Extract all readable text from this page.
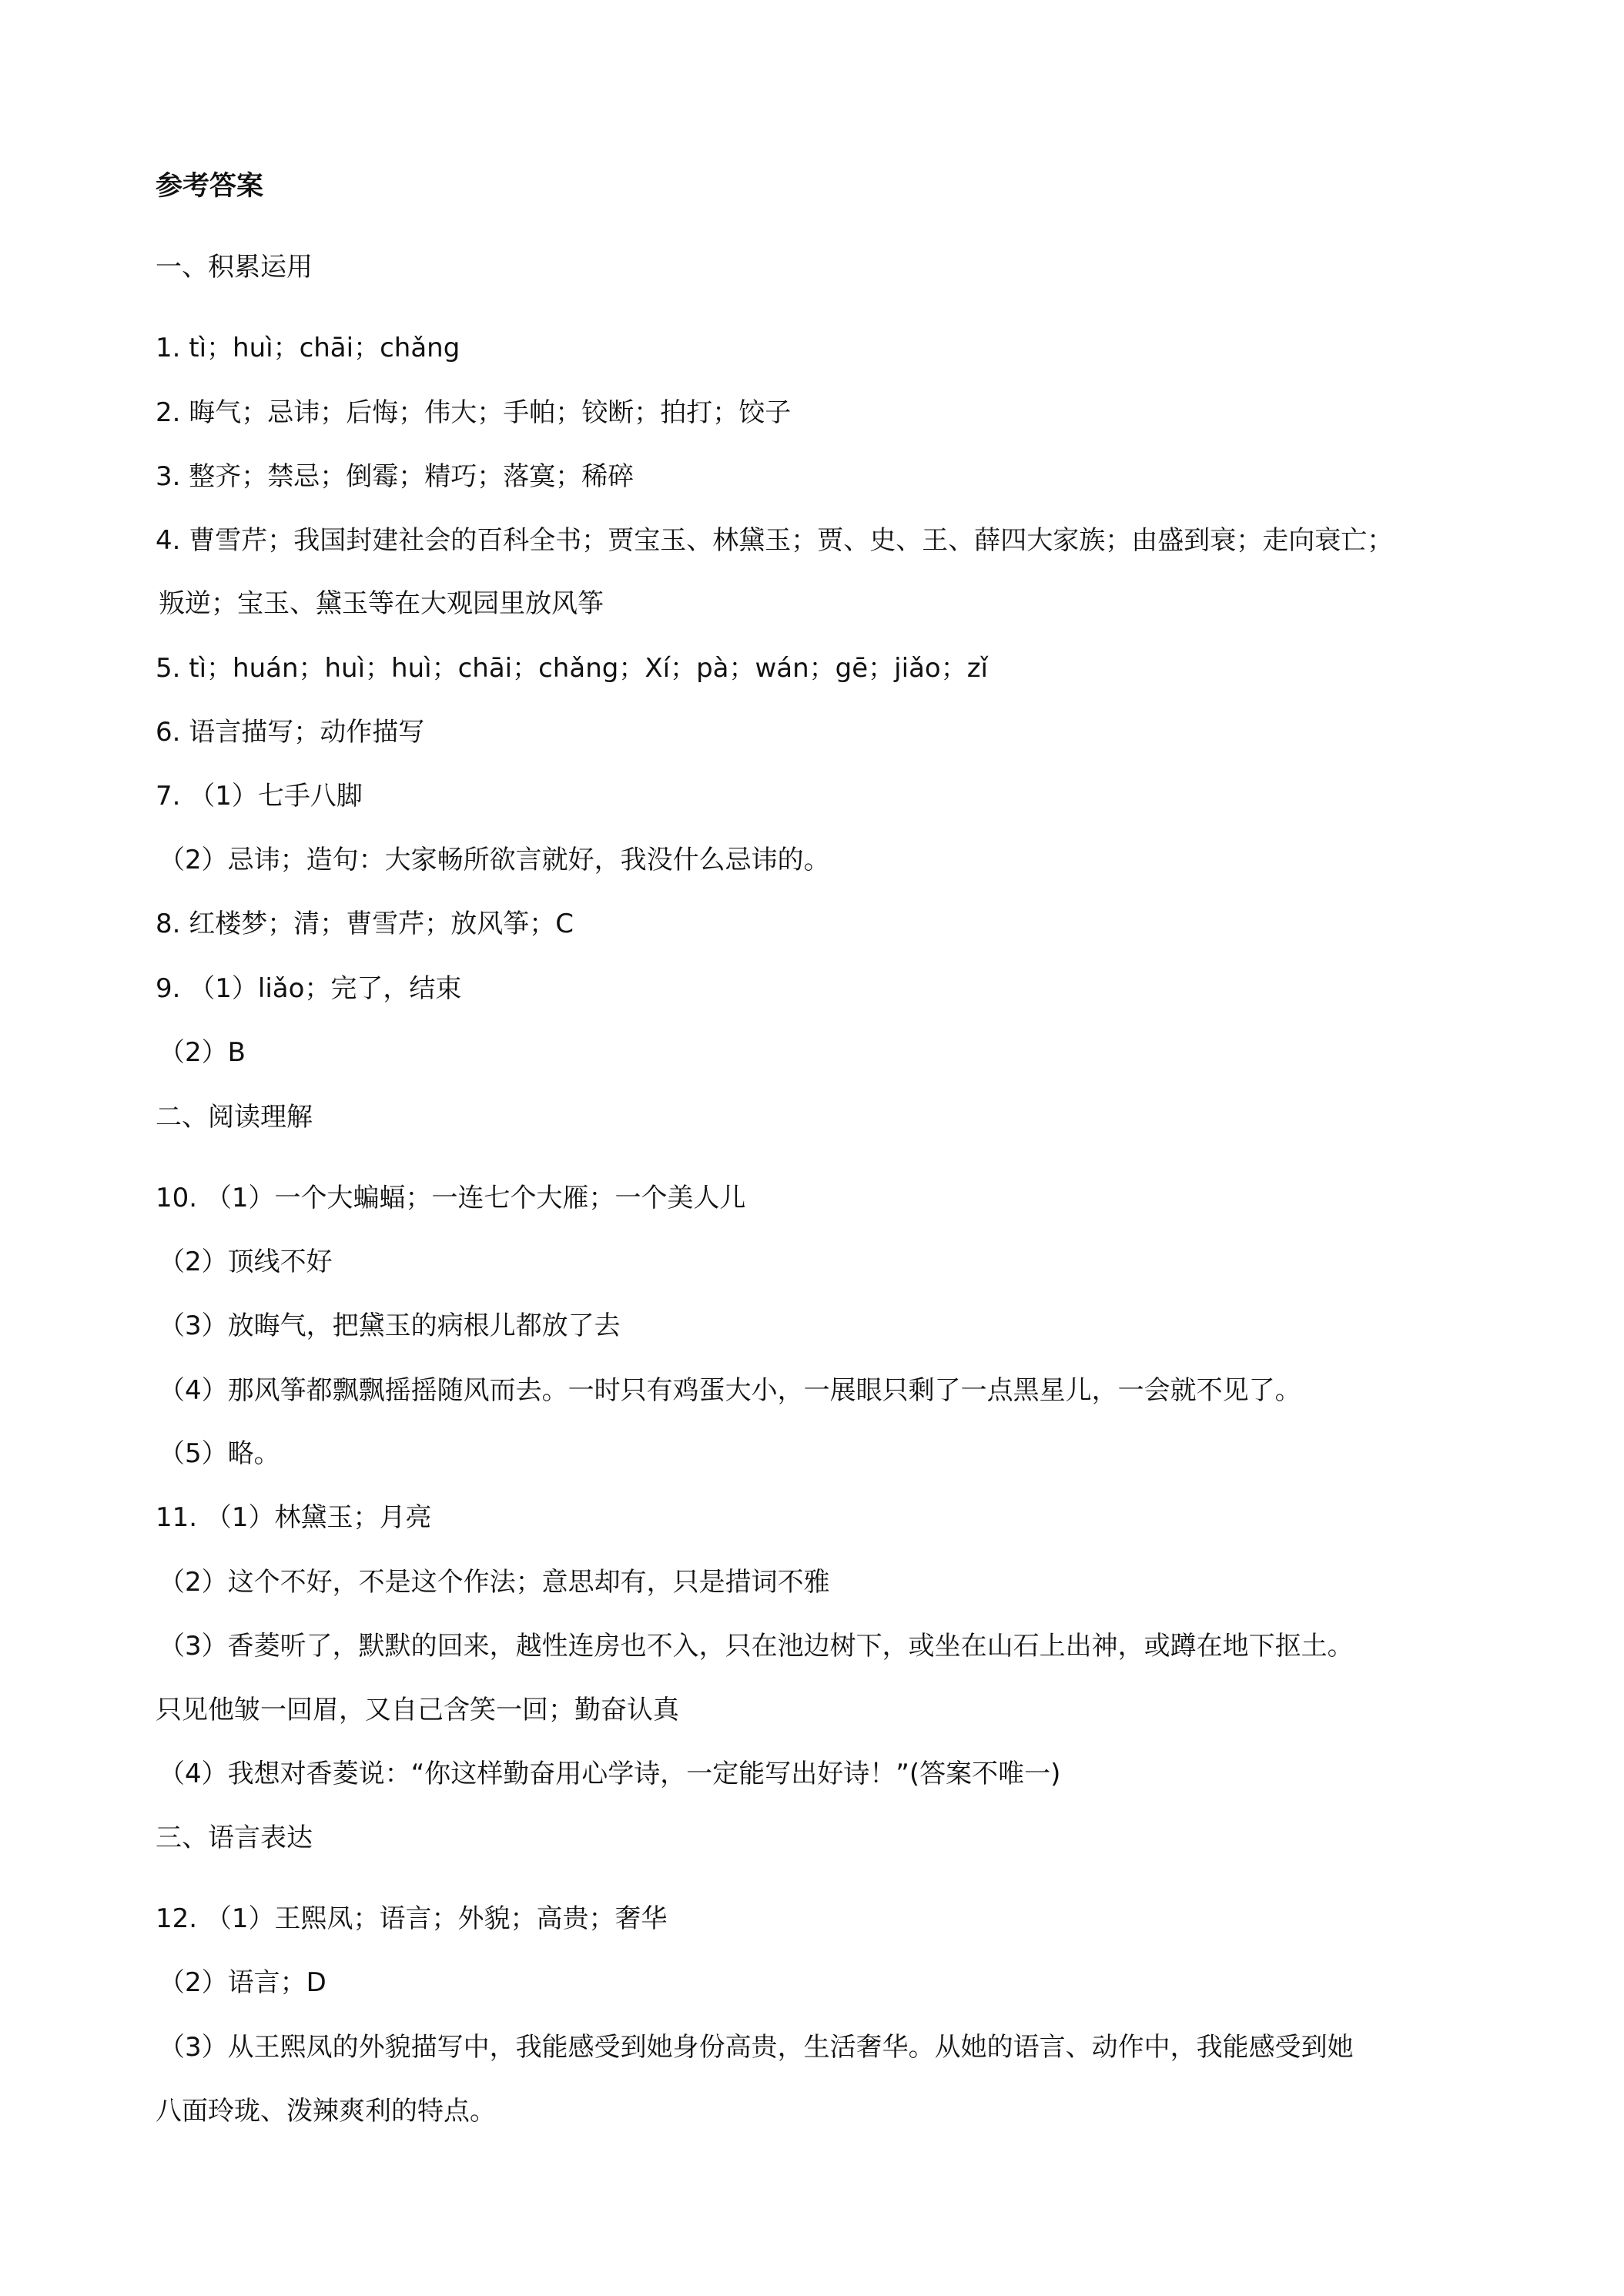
参考答案
一、积累运用
1. tì；huì；chāi；chǎng
2. 晦气；忌讳；后悔；伟大；手帕；铰断；拍打；饺子
3. 整齐；禁忌；倒霉；精巧；落寞；稀碎
4. 曹雪芹；我国封建社会的百科全书；贾宝玉、林黛玉；贾、史、王、薛四大家族；由盛到衰；走向衰亡；
叛逆；宝玉、黛玉等在大观园里放风筝
5. tì；huán；huì；huì；chāi；chǎng；Xí；pà；wán；gē；jiǎo；zǐ
6. 语言描写；动作描写
7. （1）七手八脚
（2）忌讳；造句：大家畅所欲言就好，我没什么忌讳的。
8. 红楼梦；清；曹雪芹；放风筝；C
9. （1）liǎo；完了，结束
（2）B
二、阅读理解
10. （1）一个大蝙蝠；一连七个大雁；一个美人儿
（2）顶线不好
（3）放晦气，把黛玉的病根儿都放了去
（4）那风筝都飘飘摇摇随风而去。一时只有鸡蛋大小，一展眼只剩了一点黑星儿，一会就不见了。
（5）略。
11. （1）林黛玉；月亮
（2）这个不好，不是这个作法；意思却有，只是措词不雅
（3）香菱听了，默默的回来，越性连房也不入，只在池边树下，或坐在山石上出神，或蹲在地下抠土。
只见他皱一回眉，又自己含笑一回；勤奋认真
（4）我想对香菱说：“你这样勤奋用心学诗，一定能写出好诗！”(答案不唯一)
三、语言表达
12. （1）王熙凤；语言；外貌；高贵；奢华
（2）语言；D
（3）从王熙凤的外貌描写中，我能感受到她身份高贵，生活奢华。从她的语言、动作中，我能感受到她
八面玲珑、泼辣爽利的特点。
